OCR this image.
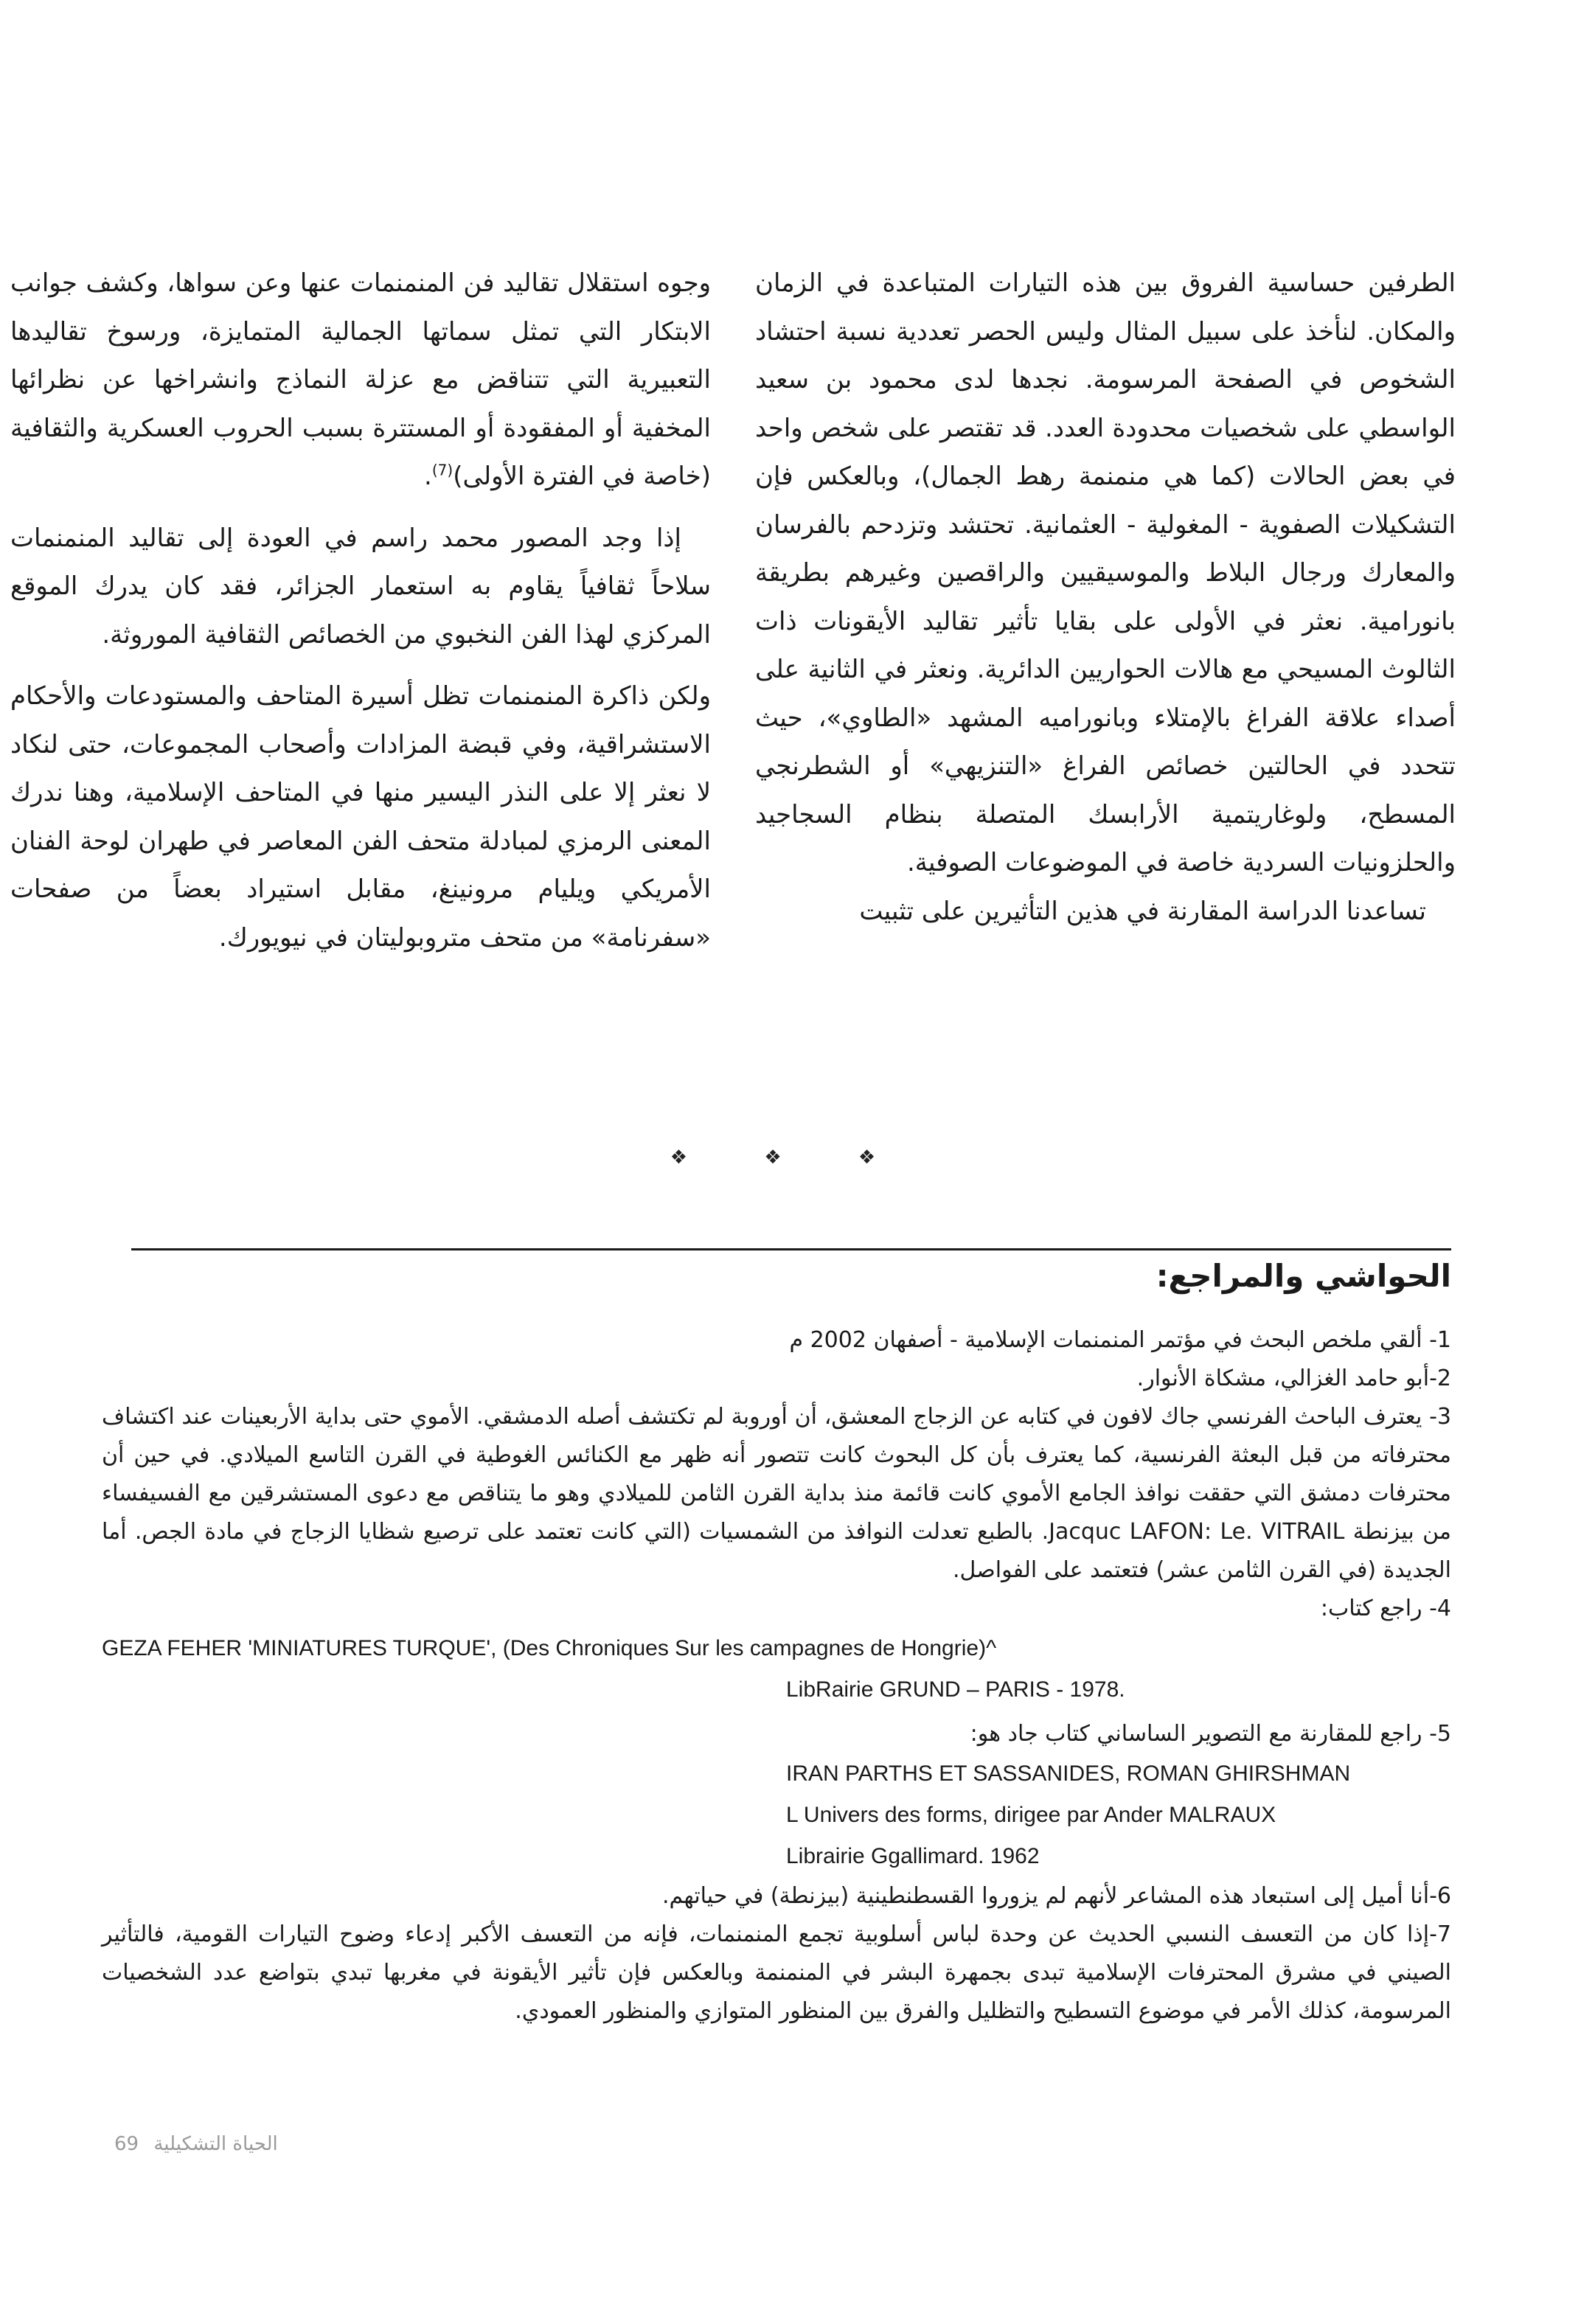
الطرفين حساسية الفروق بين هذه التيارات المتباعدة في الزمان والمكان. لنأخذ على سبيل المثال وليس الحصر تعددية نسبة احتشاد الشخوص في الصفحة المرسومة. نجدها لدى محمود بن سعيد الواسطي على شخصيات محدودة العدد. قد تقتصر على شخص واحد في بعض الحالات (كما هي منمنمة رهط الجمال)، وبالعكس فإن التشكيلات الصفوية - المغولية - العثمانية. تحتشد وتزدحم بالفرسان والمعارك ورجال البلاط والموسيقيين والراقصين وغيرهم بطريقة بانورامية. نعثر في الأولى على بقايا تأثير تقاليد الأيقونات ذات الثالوث المسيحي مع هالات الحواريين الدائرية. ونعثر في الثانية على أصداء علاقة الفراغ بالإمتلاء وبانوراميه المشهد «الطاوي»، حيث تتحدد في الحالتين خصائص الفراغ «التنزيهي» أو الشطرنجي المسطح، ولوغاريتمية الأرابسك المتصلة بنظام السجاجيد والحلزونيات السردية خاصة في الموضوعات الصوفية.

تساعدنا الدراسة المقارنة في هذين التأثيرين على تثبيت

وجوه استقلال تقاليد فن المنمنمات عنها وعن سواها، وكشف جوانب الابتكار التي تمثل سماتها الجمالية المتمايزة، ورسوخ تقاليدها التعبيرية التي تتناقض مع عزلة النماذج وانشراخها عن نظرائها المخفية أو المفقودة أو المستترة بسبب الحروب العسكرية والثقافية (خاصة في الفترة الأولى)$^{(7)}$.

إذا وجد المصور محمد راسم في العودة إلى تقاليد المنمنمات سلاحاً ثقافياً يقاوم به استعمار الجزائر، فقد كان يدرك الموقع المركزي لهذا الفن النخبوي من الخصائص الثقافية الموروثة.

ولكن ذاكرة المنمنمات تظل أسيرة المتاحف والمستودعات والأحكام الاستشراقية، وفي قبضة المزادات وأصحاب المجموعات، حتى لنكاد لا نعثر إلا على النذر اليسير منها في المتاحف الإسلامية، وهنا ندرك المعنى الرمزي لمبادلة متحف الفن المعاصر في طهران لوحة الفنان الأمريكي ويليام مرونينغ، مقابل استيراد بعضاً من صفحات «سفرنامة» من متحف متروبوليتان في نيويورك.

❖ ❖ ❖
الحواشي والمراجع:

1- ألقي ملخص البحث في مؤتمر المنمنمات الإسلامية - أصفهان 2002 م

2-أبو حامد الغزالي، مشكاة الأنوار.

3- يعترف الباحث الفرنسي جاك لافون في كتابه عن الزجاج المعشق، أن أوروبة لم تكتشف أصله الدمشقي. الأموي حتى بداية الأربعينات عند اكتشاف محترفاته من قبل البعثة الفرنسية، كما يعترف بأن كل البحوث كانت تتصور أنه ظهر مع الكنائس الغوطية في القرن التاسع الميلادي. في حين أن محترفات دمشق التي حققت نوافذ الجامع الأموي كانت قائمة منذ بداية القرن الثامن للميلادي وهو ما يتناقص مع دعوى المستشرقين مع الفسيفساء من بيزنطة Jacquc LAFON: Le. VITRAIL. بالطبع تعدلت النوافذ من الشمسيات (التي كانت تعتمد على ترصيع شظايا الزجاج في مادة الجص. أما الجديدة (في القرن الثامن عشر) فتعتمد على الفواصل.

4- راجع كتاب:

GEZA FEHER 'MINIATURES TURQUE', (Des Chroniques Sur les campagnes de Hongrie)^

LibRairie GRUND – PARIS - 1978.

5- راجع للمقارنة مع التصوير الساساني كتاب جاد هو:

IRAN PARTHS ET SASSANIDES, ROMAN GHIRSHMAN

L Univers des forms, dirigee par Ander MALRAUX

Librairie Ggallimard. 1962

6-أنا أميل إلى استبعاد هذه المشاعر لأنهم لم يزوروا القسطنطينية (بيزنطة) في حياتهم.

7-إذا كان من التعسف النسبي الحديث عن وحدة لباس أسلوبية تجمع المنمنمات، فإنه من التعسف الأكبر إدعاء وضوح التيارات القومية، فالتأثير الصيني في مشرق المحترفات الإسلامية تبدى بجمهرة البشر في المنمنمة وبالعكس فإن تأثير الأيقونة في مغربها تبدي بتواضع عدد الشخصيات المرسومة، كذلك الأمر في موضوع التسطيح والتظليل والفرق بين المنظور المتوازي والمنظور العمودي.

69 الحياة التشكيلية
